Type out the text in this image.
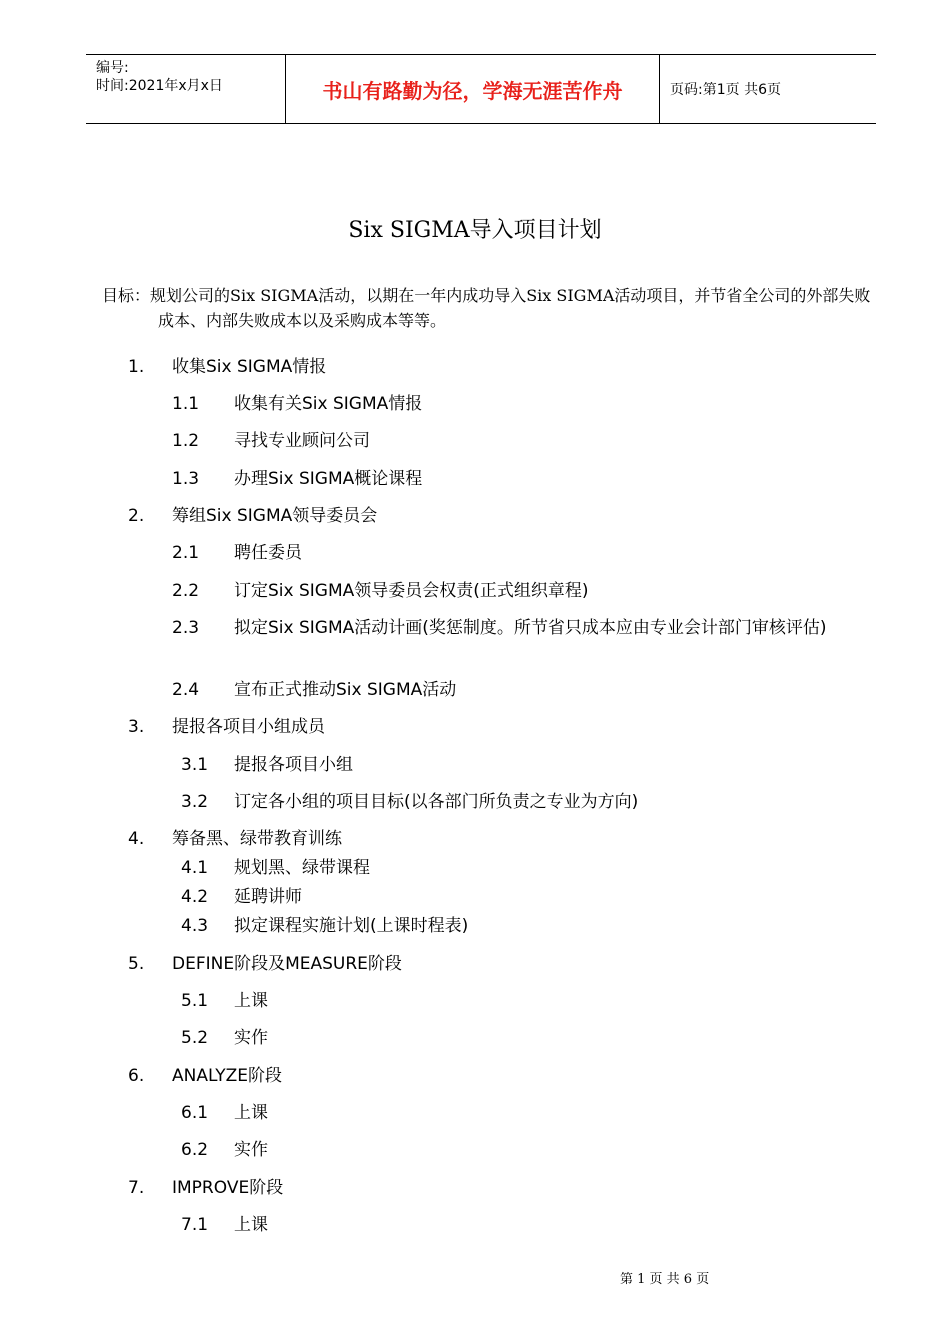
编号:
时间:2021年x月x日	书山有路勤为径，学海无涯苦作舟	页码:第1页 共6页
Six SIGMA导入项目计划
目标：规划公司的Six SIGMA活动，以期在一年内成功导入Six SIGMA活动项目，并节省全公司的外部失败成本、内部失败成本以及采购成本等等。
1. 收集Six SIGMA情报
1.1 收集有关Six SIGMA情报
1.2 寻找专业顾问公司
1.3 办理Six SIGMA概论课程
2. 筹组Six SIGMA领导委员会
2.1 聘任委员
2.2 订定Six SIGMA领导委员会权责(正式组织章程)
2.3 拟定Six SIGMA活动计画(奖惩制度。所节省只成本应由专业会计部门审核评估)
2.4 宣布正式推动Six SIGMA活动
3. 提报各项目小组成员
3.1 提报各项目小组
3.2 订定各小组的项目目标(以各部门所负责之专业为方向)
4. 筹备黑、绿带教育训练
4.1 规划黑、绿带课程
4.2 延聘讲师
4.3 拟定课程实施计划(上课时程表)
5. DEFINE阶段及MEASURE阶段
5.1 上课
5.2 实作
6. ANALYZE阶段
6.1 上课
6.2 实作
7. IMPROVE阶段
7.1 上课
第 1 页 共 6 页
